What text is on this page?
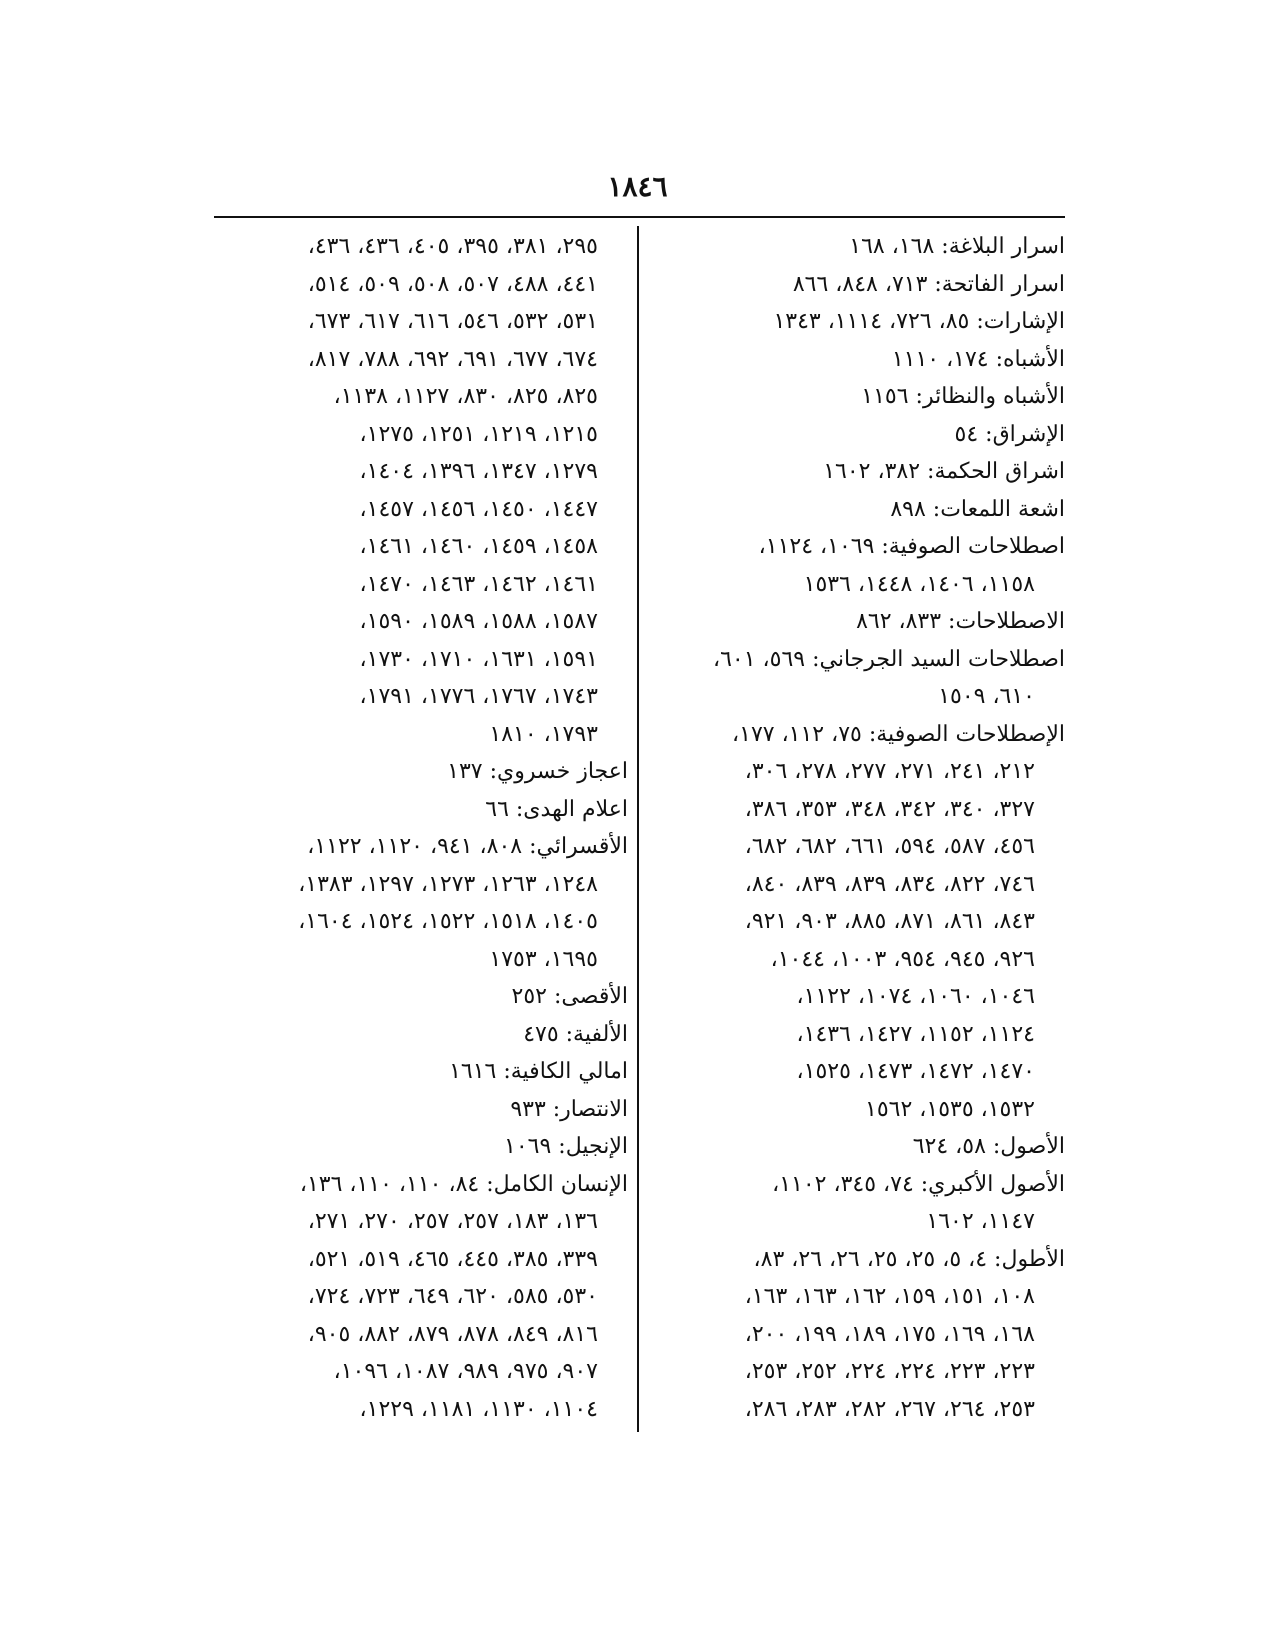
١٨٤٦
اسرار البلاغة: ١٦٨، ١٦٨
اسرار الفاتحة: ٧١٣، ٨٤٨، ٨٦٦
الإشارات: ٨٥، ٧٢٦، ١١١٤، ١٣٤٣
الأشباه: ١٧٤، ١١١٠
الأشباه والنظائر: ١١٥٦
الإشراق: ٥٤
اشراق الحكمة: ٣٨٢، ١٦٠٢
اشعة اللمعات: ٨٩٨
اصطلاحات الصوفية: ١٠٦٩، ١١٢٤،
١١٥٨، ١٤٠٦، ١٤٤٨، ١٥٣٦
الاصطلاحات: ٨٣٣، ٨٦٢
اصطلاحات السيد الجرجاني: ٥٦٩، ٦٠١،
٦١٠، ١٥٠٩
الإصطلاحات الصوفية: ٧٥، ١١٢، ١٧٧،
٢١٢، ٢٤١، ٢٧١، ٢٧٧، ٢٧٨، ٣٠٦،
٣٢٧، ٣٤٠، ٣٤٢، ٣٤٨، ٣٥٣، ٣٨٦،
٤٥٦، ٥٨٧، ٥٩٤، ٦٦١، ٦٨٢، ٦٨٢،
٧٤٦، ٨٢٢، ٨٣٤، ٨٣٩، ٨٣٩، ٨٤٠،
٨٤٣، ٨٦١، ٨٧١، ٨٨٥، ٩٠٣، ٩٢١،
٩٢٦، ٩٤٥، ٩٥٤، ١٠٠٣، ١٠٤٤،
١٠٤٦، ١٠٦٠، ١٠٧٤، ١١٢٢،
١١٢٤، ١١٥٢، ١٤٢٧، ١٤٣٦،
١٤٧٠، ١٤٧٢، ١٤٧٣، ١٥٢٥،
١٥٣٢، ١٥٣٥، ١٥٦٢
الأصول: ٥٨، ٦٢٤
الأصول الأكبري: ٧٤، ٣٤٥، ١١٠٢،
١١٤٧، ١٦٠٢
الأطول: ٤، ٥، ٢٥، ٢٥، ٢٦، ٢٦، ٨٣،
١٠٨، ١٥١، ١٥٩، ١٦٢، ١٦٣، ١٦٣،
١٦٨، ١٦٩، ١٧٥، ١٨٩، ١٩٩، ٢٠٠،
٢٢٣، ٢٢٣، ٢٢٤، ٢٢٤، ٢٥٢، ٢٥٣،
٢٥٣، ٢٦٤، ٢٦٧، ٢٨٢، ٢٨٣، ٢٨٦،
٢٩٥، ٣٨١، ٣٩٥، ٤٠٥، ٤٣٦، ٤٣٦،
٤٤١، ٤٨٨، ٥٠٧، ٥٠٨، ٥٠٩، ٥١٤،
٥٣١، ٥٣٢، ٥٤٦، ٦١٦، ٦١٧، ٦٧٣،
٦٧٤، ٦٧٧، ٦٩١، ٦٩٢، ٧٨٨، ٨١٧،
٨٢٥، ٨٢٥، ٨٣٠، ١١٢٧، ١١٣٨،
١٢١٥، ١٢١٩، ١٢٥١، ١٢٧٥،
١٢٧٩، ١٣٤٧، ١٣٩٦، ١٤٠٤،
١٤٤٧، ١٤٥٠، ١٤٥٦، ١٤٥٧،
١٤٥٨، ١٤٥٩، ١٤٦٠، ١٤٦١،
١٤٦١، ١٤٦٢، ١٤٦٣، ١٤٧٠،
١٥٨٧، ١٥٨٨، ١٥٨٩، ١٥٩٠،
١٥٩١، ١٦٣١، ١٧١٠، ١٧٣٠،
١٧٤٣، ١٧٦٧، ١٧٧٦، ١٧٩١،
١٧٩٣، ١٨١٠
اعجاز خسروي: ١٣٧
اعلام الهدى: ٦٦
الأقسرائي: ٨٠٨، ٩٤١، ١١٢٠، ١١٢٢،
١٢٤٨، ١٢٦٣، ١٢٧٣، ١٢٩٧، ١٣٨٣،
١٤٠٥، ١٥١٨، ١٥٢٢، ١٥٢٤، ١٦٠٤،
١٦٩٥، ١٧٥٣
الأقصى: ٢٥٢
الألفية: ٤٧٥
امالي الكافية: ١٦١٦
الانتصار: ٩٣٣
الإنجيل: ١٠٦٩
الإنسان الكامل: ٨٤، ١١٠، ١١٠، ١٣٦،
١٣٦، ١٨٣، ٢٥٧، ٢٥٧، ٢٧٠، ٢٧١،
٣٣٩، ٣٨٥، ٤٤٥، ٤٦٥، ٥١٩، ٥٢١،
٥٣٠، ٥٨٥، ٦٢٠، ٦٤٩، ٧٢٣، ٧٢٤،
٨١٦، ٨٤٩، ٨٧٨، ٨٧٩، ٨٨٢، ٩٠٥،
٩٠٧، ٩٧٥، ٩٨٩، ١٠٨٧، ١٠٩٦،
١١٠٤، ١١٣٠، ١١٨١، ١٢٢٩،
